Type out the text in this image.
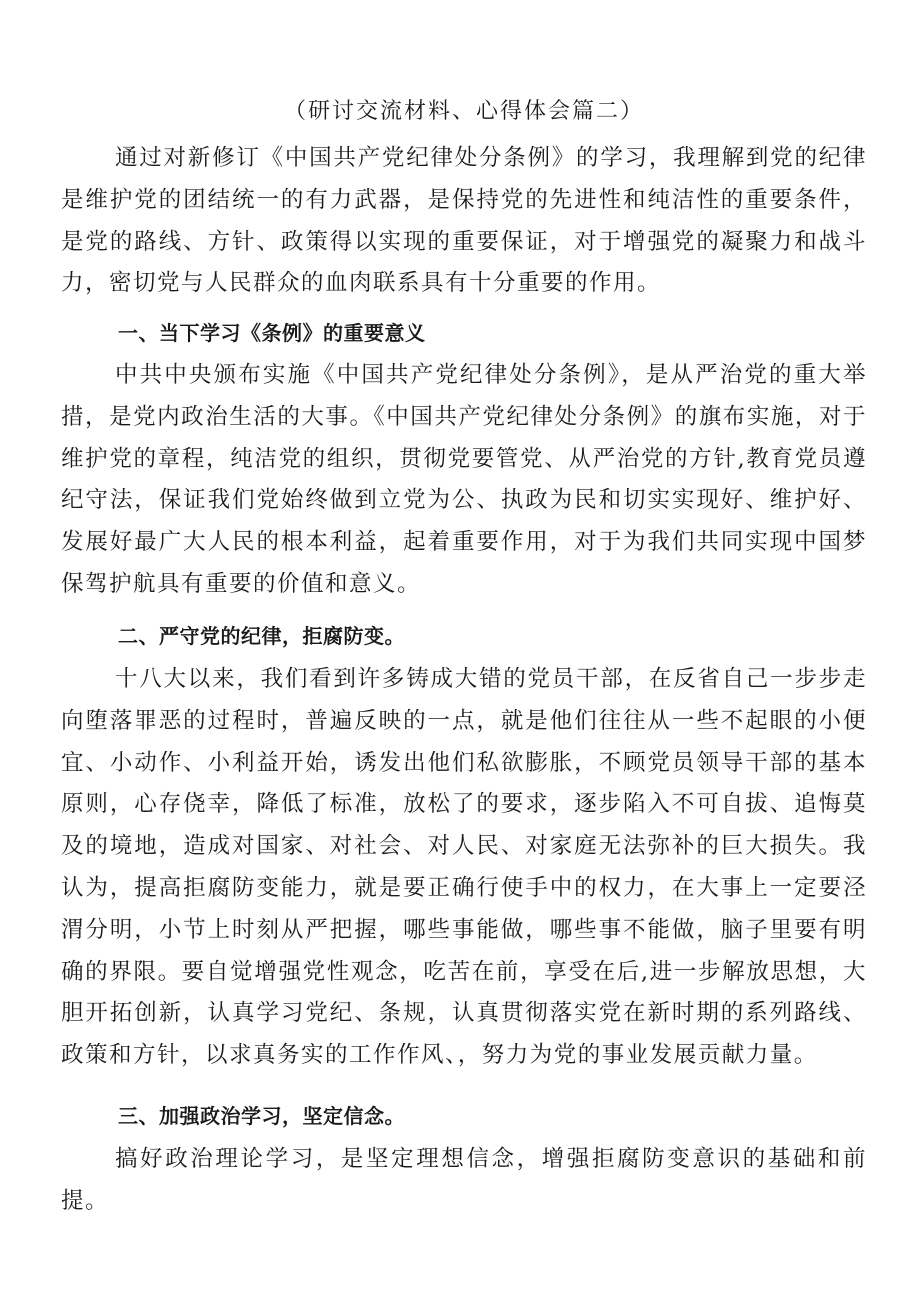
（研讨交流材料、心得体会篇二）

通过对新修订《中国共产党纪律处分条例》的学习，我理解到党的纪律是维护党的团结统一的有力武器，是保持党的先进性和纯洁性的重要条件，是党的路线、方针、政策得以实现的重要保证，对于增强党的凝聚力和战斗力，密切党与人民群众的血肉联系具有十分重要的作用。

一、当下学习《条例》的重要意义

中共中央颁布实施《中国共产党纪律处分条例》，是从严治党的重大举措，是党内政治生活的大事。《中国共产党纪律处分条例》的旗布实施，对于维护党的章程，纯洁党的组织，贯彻党要管党、从严治党的方针,教育党员遵纪守法，保证我们党始终做到立党为公、执政为民和切实实现好、维护好、发展好最广大人民的根本利益，起着重要作用，对于为我们共同实现中国梦保驾护航具有重要的价值和意义。

二、严守党的纪律，拒腐防变。

十八大以来，我们看到许多铸成大错的党员干部，在反省自己一步步走向堕落罪恶的过程时，普遍反映的一点，就是他们往往从一些不起眼的小便宜、小动作、小利益开始，诱发出他们私欲膨胀，不顾党员领导干部的基本原则，心存侥幸，降低了标准，放松了的要求，逐步陷入不可自拔、追悔莫及的境地，造成对国家、对社会、对人民、对家庭无法弥补的巨大损失。我认为，提高拒腐防变能力，就是要正确行使手中的权力，在大事上一定要泾渭分明，小节上时刻从严把握，哪些事能做，哪些事不能做，脑子里要有明确的界限。要自觉增强党性观念，吃苦在前，享受在后,进一步解放思想，大胆开拓创新，认真学习党纪、条规，认真贯彻落实党在新时期的系列路线、政策和方针，以求真务实的工作作风、，努力为党的事业发展贡献力量。

三、加强政治学习，坚定信念。

搞好政治理论学习，是坚定理想信念，增强拒腐防变意识的基础和前提。
